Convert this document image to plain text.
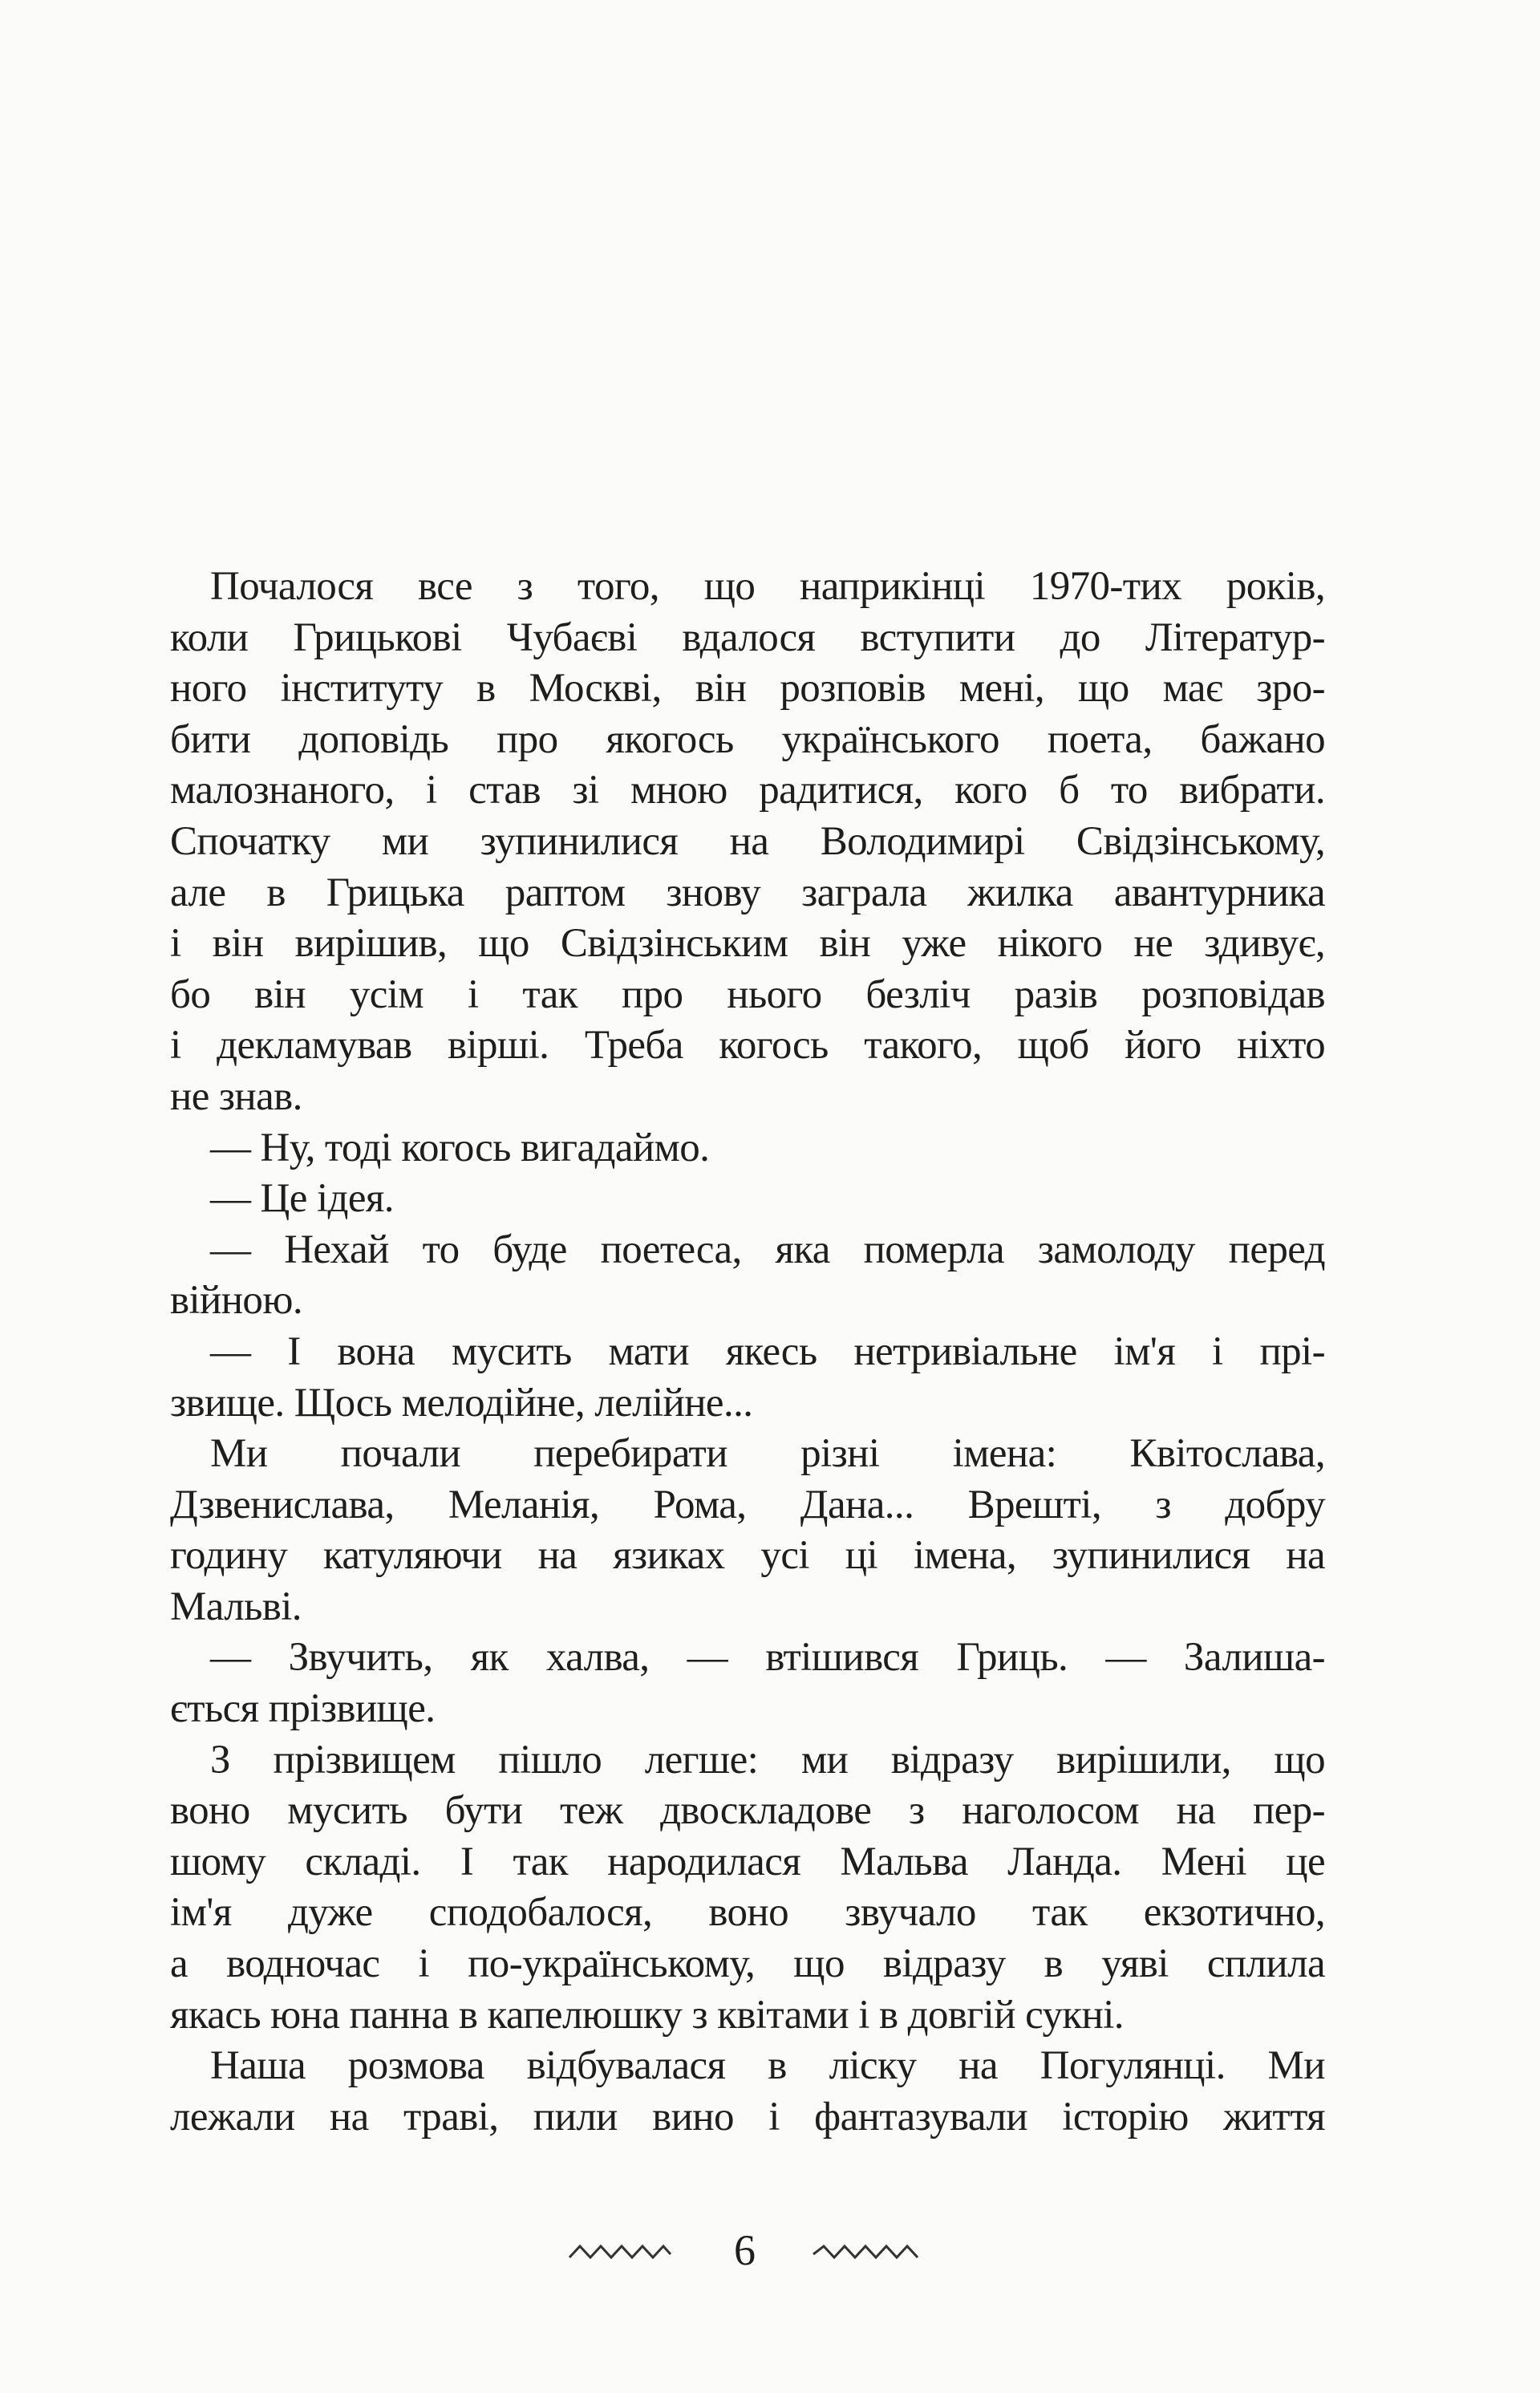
Почалося все з того, що наприкінці 1970-тих років,
коли Грицькові Чубаєві вдалося вступити до Літератур-
ного інституту в Москві, він розповів мені, що має зро-
бити доповідь про якогось українського поета, бажано
малознаного, і став зі мною радитися, кого б то вибрати.
Спочатку ми зупинилися на Володимирі Свідзінському,
але в Грицька раптом знову заграла жилка авантурника
і він вирішив, що Свідзінським він уже нікого не здивує,
бо він усім і так про нього безліч разів розповідав
і декламував вірші. Треба когось такого, щоб його ніхто
не знав.
— Ну, тоді когось вигадаймо.
— Це ідея.
— Нехай то буде поетеса, яка померла замолоду перед
війною.
— І вона мусить мати якесь нетривіальне ім'я і прі-
звище. Щось мелодійне, лелійне...
Ми почали перебирати різні імена: Квітослава,
Дзвенислава, Меланія, Рома, Дана... Врешті, з добру
годину катуляючи на язиках усі ці імена, зупинилися на
Мальві.
— Звучить, як халва, — втішився Гриць. — Залиша-
ється прізвище.
З прізвищем пішло легше: ми відразу вирішили, що
воно мусить бути теж двоскладове з наголосом на пер-
шому складі. І так народилася Мальва Ланда. Мені це
ім'я дуже сподобалося, воно звучало так екзотично,
а водночас і по-українському, що відразу в уяві сплила
якась юна панна в капелюшку з квітами і в довгій сукні.
Наша розмова відбувалася в ліску на Погулянці. Ми
лежали на траві, пили вино і фантазували історію життя
6
